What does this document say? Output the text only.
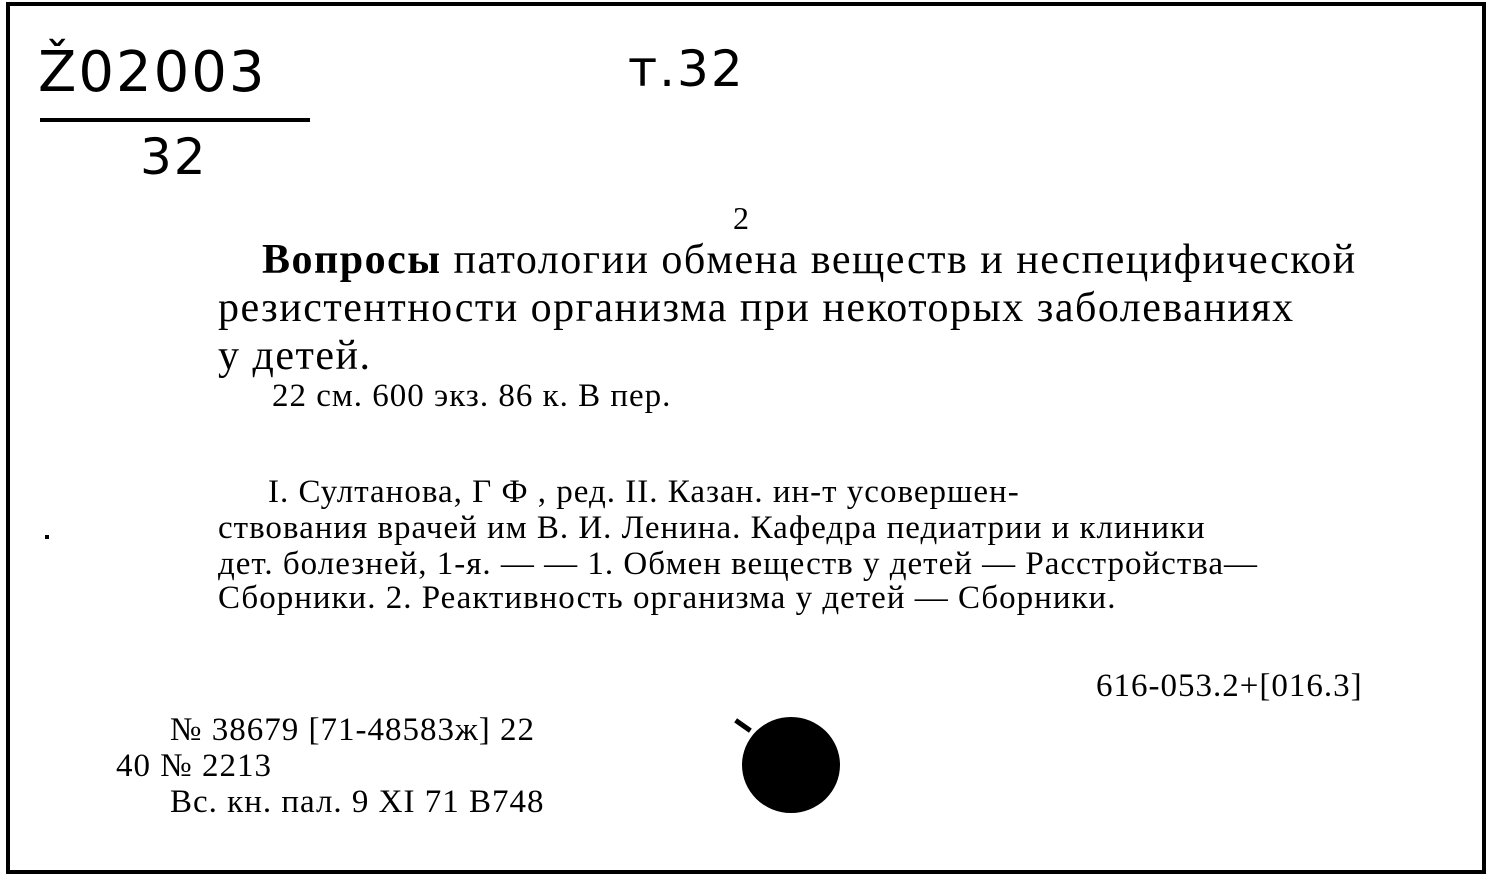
Ž02003
32
т.32
2
Вопросы патологии обмена веществ и неспецифической
резистентности организма при некоторых заболеваниях
у детей.
22 см. 600 экз. 86 к. В пер.
I. Султанова, Г Ф , ред. II. Казан. ин-т усовершен-
ствования врачей им В. И. Ленина. Кафедра педиатрии и клиники
дет. болезней, 1-я. — — 1. Обмен веществ у детей — Расстройства—
Сборники. 2. Реактивность организма у детей — Сборники.
616-053.2+[016.3]
№ 38679 [71-48583ж] 22
40 № 2213
Вс. кн. пал. 9 XI 71 B748
